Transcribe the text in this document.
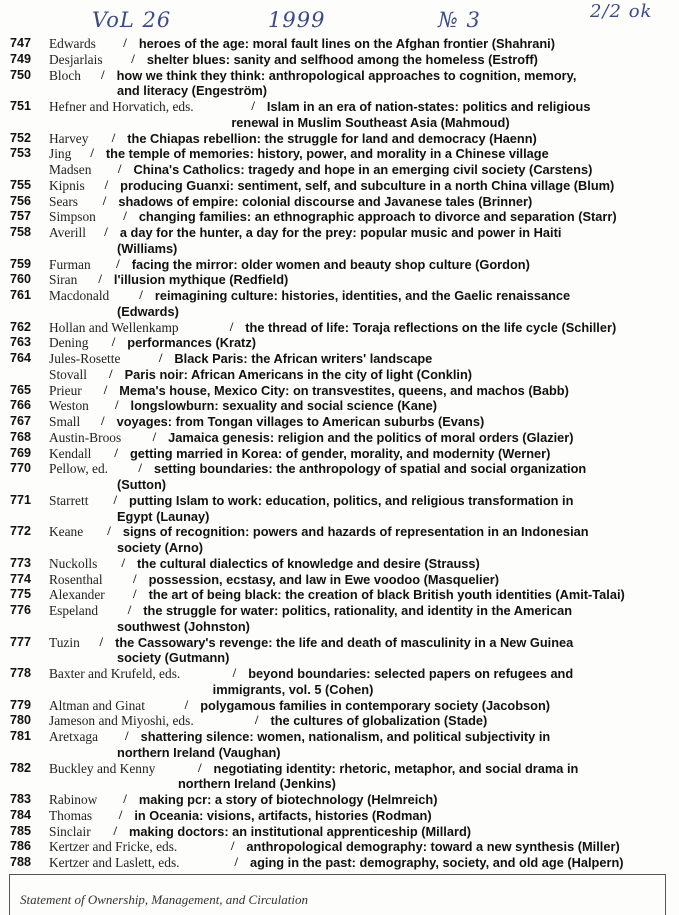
VoL 26	1999	№ 3	2/2 ok
747	Edwards / heroes of the age: moral fault lines on the Afghan frontier (Shahrani)
749	Desjarlais / shelter blues: sanity and selfhood among the homeless (Estroff)
750	Bloch / how we think they think: anthropological approaches to cognition, memory,
and literacy (Engeström)
751	Hefner and Horvatich, eds.	/ Islam in an era of nation-states: politics and religious
renewal in Muslim Southeast Asia (Mahmoud)
752	Harvey / the Chiapas rebellion: the struggle for land and democracy (Haenn)
753	Jing / the temple of memories: history, power, and morality in a Chinese village
Madsen / China's Catholics: tragedy and hope in an emerging civil society (Carstens)
755	Kipnis / producing Guanxi: sentiment, self, and subculture in a north China village (Blum)
756	Sears / shadows of empire: colonial discourse and Javanese tales (Brinner)
757	Simpson / changing families: an ethnographic approach to divorce and separation (Starr)
758	Averill / a day for the hunter, a day for the prey: popular music and power in Haiti
(Williams)
759	Furman / facing the mirror: older women and beauty shop culture (Gordon)
760	Siran / l'illusion mythique (Redfield)
761	Macdonald / reimagining culture: histories, identities, and the Gaelic renaissance
(Edwards)
762	Hollan and Wellenkamp	/ the thread of life: Toraja reflections on the life cycle (Schiller)
763	Dening / performances (Kratz)
764	Jules-Rosette	/ Black Paris: the African writers' landscape
Stovall / Paris noir: African Americans in the city of light (Conklin)
765	Prieur / Mema's house, Mexico City: on transvestites, queens, and machos (Babb)
766	Weston / longslowburn: sexuality and social science (Kane)
767	Small / voyages: from Tongan villages to American suburbs (Evans)
768	Austin-Broos / Jamaica genesis: religion and the politics of moral orders (Glazier)
769	Kendall / getting married in Korea: of gender, morality, and modernity (Werner)
770	Pellow, ed. / setting boundaries: the anthropology of spatial and social organization
(Sutton)
771	Starrett / putting Islam to work: education, politics, and religious transformation in
Egypt (Launay)
772	Keane / signs of recognition: powers and hazards of representation in an Indonesian
society (Arno)
773	Nuckolls / the cultural dialectics of knowledge and desire (Strauss)
774	Rosenthal / possession, ecstasy, and law in Ewe voodoo (Masquelier)
775	Alexander / the art of being black: the creation of black British youth identities (Amit-Talai)
776	Espeland / the struggle for water: politics, rationality, and identity in the American
southwest (Johnston)
777	Tuzin / the Cassowary's revenge: the life and death of masculinity in a New Guinea
society (Gutmann)
778	Baxter and Krufeld, eds.	/ beyond boundaries: selected papers on refugees and
immigrants, vol. 5 (Cohen)
779	Altman and Ginat	/ polygamous families in contemporary society (Jacobson)
780	Jameson and Miyoshi, eds.	/ the cultures of globalization (Stade)
781	Aretxaga / shattering silence: women, nationalism, and political subjectivity in
northern Ireland (Vaughan)
782	Buckley and Kenny	/ negotiating identity: rhetoric, metaphor, and social drama in
northern Ireland (Jenkins)
783	Rabinow / making pcr: a story of biotechnology (Helmreich)
784	Thomas / in Oceania: visions, artifacts, histories (Rodman)
785	Sinclair / making doctors: an institutional apprenticeship (Millard)
786	Kertzer and Fricke, eds.	/ anthropological demography: toward a new synthesis (Miller)
788	Kertzer and Laslett, eds.	/ aging in the past: demography, society, and old age (Halpern)
Statement of Ownership, Management, and Circulation
